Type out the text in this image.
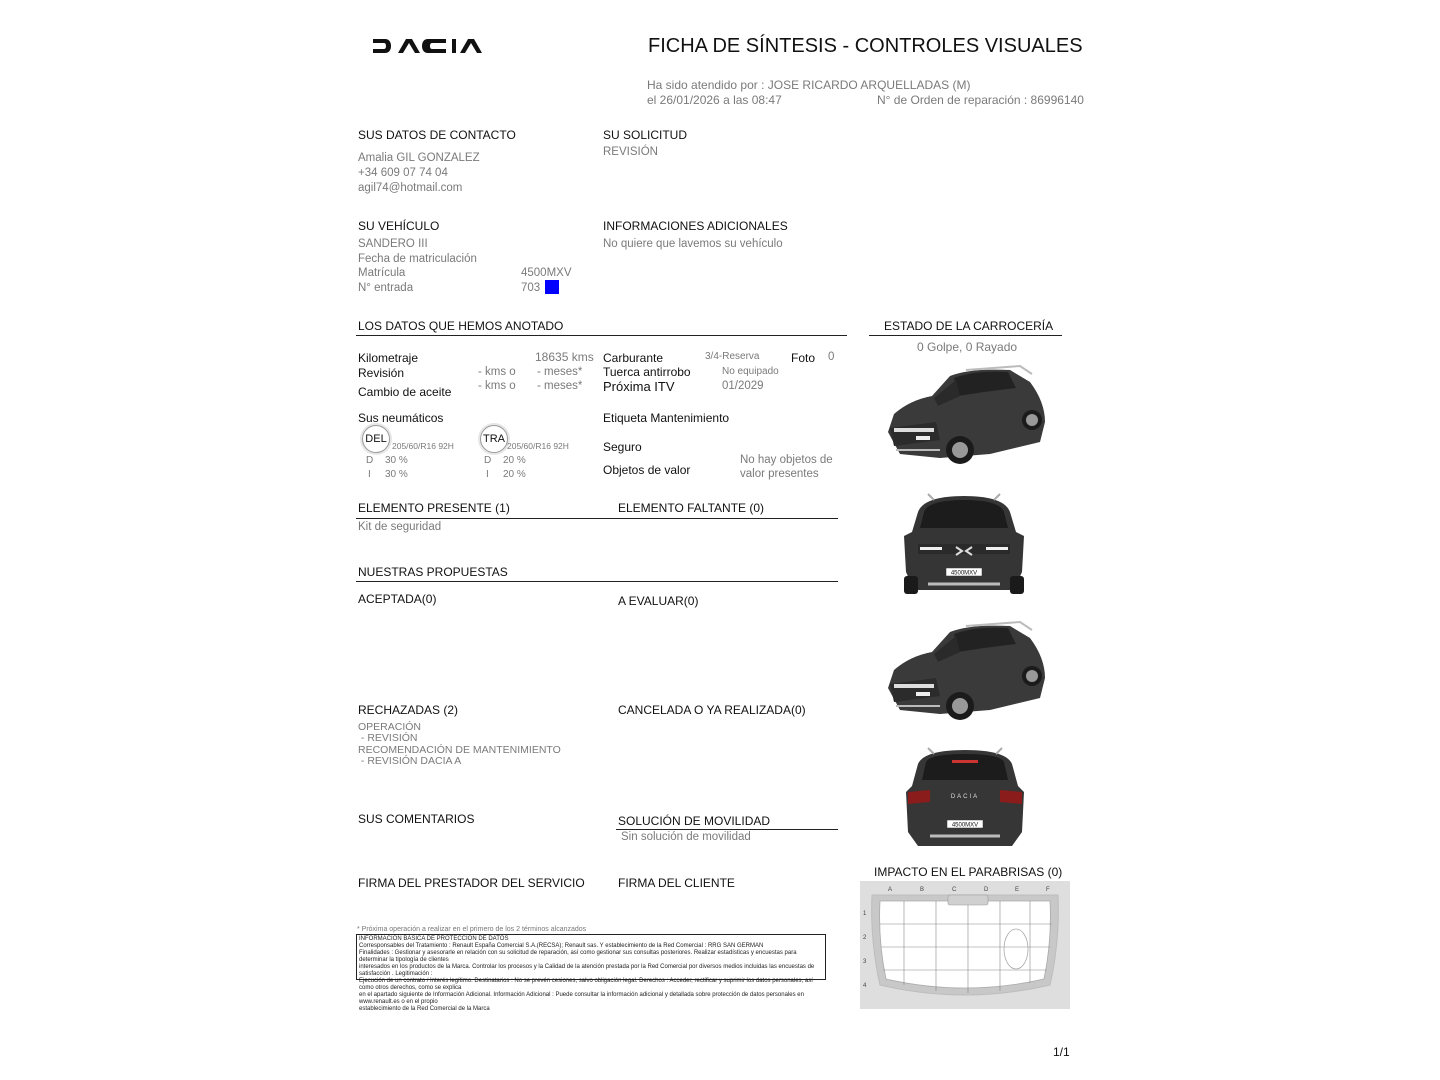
FICHA DE SÍNTESIS - CONTROLES VISUALES
Ha sido atendido por : JOSE RICARDO ARQUELLADAS (M)
el 26/01/2026 a las 08:47	N° de Orden de reparación : 86996140
SUS DATOS DE CONTACTO
Amalia GIL GONZALEZ
+34 609 07 74 04
agil74@hotmail.com
SU SOLICITUD
REVISIÓN
SU VEHÍCULO
SANDERO III
Fecha de matriculación
Matrícula	4500MXV
N° entrada	703
INFORMACIONES ADICIONALES
No quiere que lavemos su vehículo
LOS DATOS QUE HEMOS ANOTADO
Kilometraje	18635 kms
Revisión	- kms o - meses*
Cambio de aceite - kms o - meses*
Carburante	3/4-Reserva	Foto 0
Tuerca antirrobo	No equipado
Próxima ITV	01/2029
Sus neumáticos
DEL
205/60/R16 92H
D 30 %
I 30 %
TRA
205/60/R16 92H
D 20 %
I 20 %
Etiqueta Mantenimiento
Seguro
Objetos de valor
No hay objetos de
valor presentes
ELEMENTO PRESENTE (1)	ELEMENTO FALTANTE (0)
Kit de seguridad
NUESTRAS PROPUESTAS
ACEPTADA(0)	A EVALUAR(0)
RECHAZADAS (2)
OPERACIÓN
- REVISIÓN
RECOMENDACIÓN DE MANTENIMIENTO
- REVISIÓN DACIA A
CANCELADA O YA REALIZADA(0)
SUS COMENTARIOS	SOLUCIÓN DE MOVILIDAD
Sin solución de movilidad
FIRMA DEL PRESTADOR DEL SERVICIO	FIRMA DEL CLIENTE
* Próxima operación a realizar en el primero de los 2 términos alcanzados
INFORMACIÓN BÁSICA DE PROTECCIÓN DE DATOS
Corresponsables del Tratamiento : Renault España Comercial S.A.(RECSA); Renault sas. Y establecimiento de la Red Comercial : RRG SAN GERMAN
Finalidades : Gestionar y asesorarle en relación con su solicitud de reparación, así como gestionar sus consultas posteriores. Realizar estadísticas y encuestas para determinar la tipología de clientes
interesados en los productos de la Marca. Controlar los procesos y la Calidad de la atención prestada por la Red Comercial por diversos medios incluidas las encuestas de satisfacción . Legitimación :
Ejecución de un contrato / Interés legítimo. Destinatarios : No se prevén cesiones, salvo obligación legal. Derechos : Acceder, rectificar y suprimir los datos personales, así como otros derechos, como se explica
en el apartado siguiente de Información Adicional. Información Adicional : Puede consultar la información adicional y detallada sobre protección de datos personales en www.renault.es o en el propio
establecimiento de la Red Comercial de la Marca
ESTADO DE LA CARROCERÍA
0 Golpe, 0 Rayado
4500MXV
DACIA
4500MXV
IMPACTO EN EL PARABRISAS (0)
A	B	C	D	E	F
1
2
3
4
1/1
